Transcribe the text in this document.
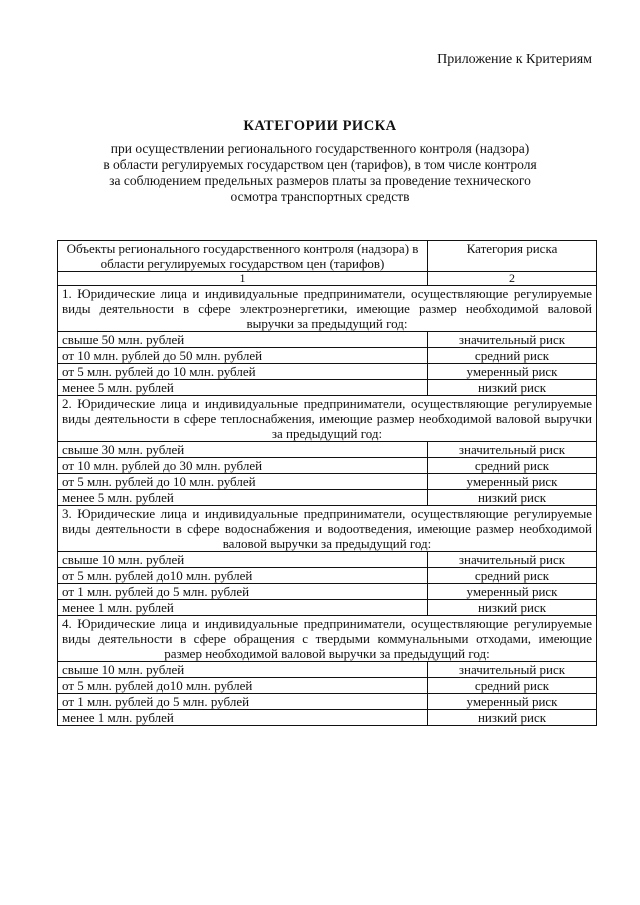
Приложение к Критериям
КАТЕГОРИИ РИСКА
при осуществлении регионального государственного контроля (надзора)
в области регулируемых государством цен (тарифов), в том числе контроля
за соблюдением предельных размеров платы за проведение технического
осмотра транспортных средств
Объекты регионального государственного контроля (надзора) в области регулируемых государством цен (тарифов)	Категория риска
1	2
1. Юридические лица и индивидуальные предприниматели, осуществляющие регулируемые виды деятельности в сфере электроэнергетики, имеющие размер необходимой валовой выручки за предыдущий год:	
свыше 50 млн. рублей	значительный риск
от 10 млн. рублей до 50 млн. рублей	средний риск
от 5 млн. рублей до 10 млн. рублей	умеренный риск
менее 5 млн. рублей	низкий риск
2. Юридические лица и индивидуальные предприниматели, осуществляющие регулируемые виды деятельности в сфере теплоснабжения, имеющие размер необходимой валовой выручки за предыдущий год:	
свыше 30 млн. рублей	значительный риск
от 10 млн. рублей до 30 млн. рублей	средний риск
от 5 млн. рублей до 10 млн. рублей	умеренный риск
менее 5 млн. рублей	низкий риск
3. Юридические лица и индивидуальные предприниматели, осуществляющие регулируемые виды деятельности в сфере водоснабжения и водоотведения, имеющие размер необходимой валовой выручки за предыдущий год:	
свыше 10 млн. рублей	значительный риск
от 5 млн. рублей до10 млн. рублей	средний риск
от 1 млн. рублей до 5 млн. рублей	умеренный риск
менее 1 млн. рублей	низкий риск
4. Юридические лица и индивидуальные предприниматели, осуществляющие регулируемые виды деятельности в сфере обращения с твердыми коммунальными отходами, имеющие размер необходимой валовой выручки за предыдущий год:	
свыше 10 млн. рублей	значительный риск
от 5 млн. рублей до10 млн. рублей	средний риск
от 1 млн. рублей до 5 млн. рублей	умеренный риск
менее 1 млн. рублей	низкий риск
